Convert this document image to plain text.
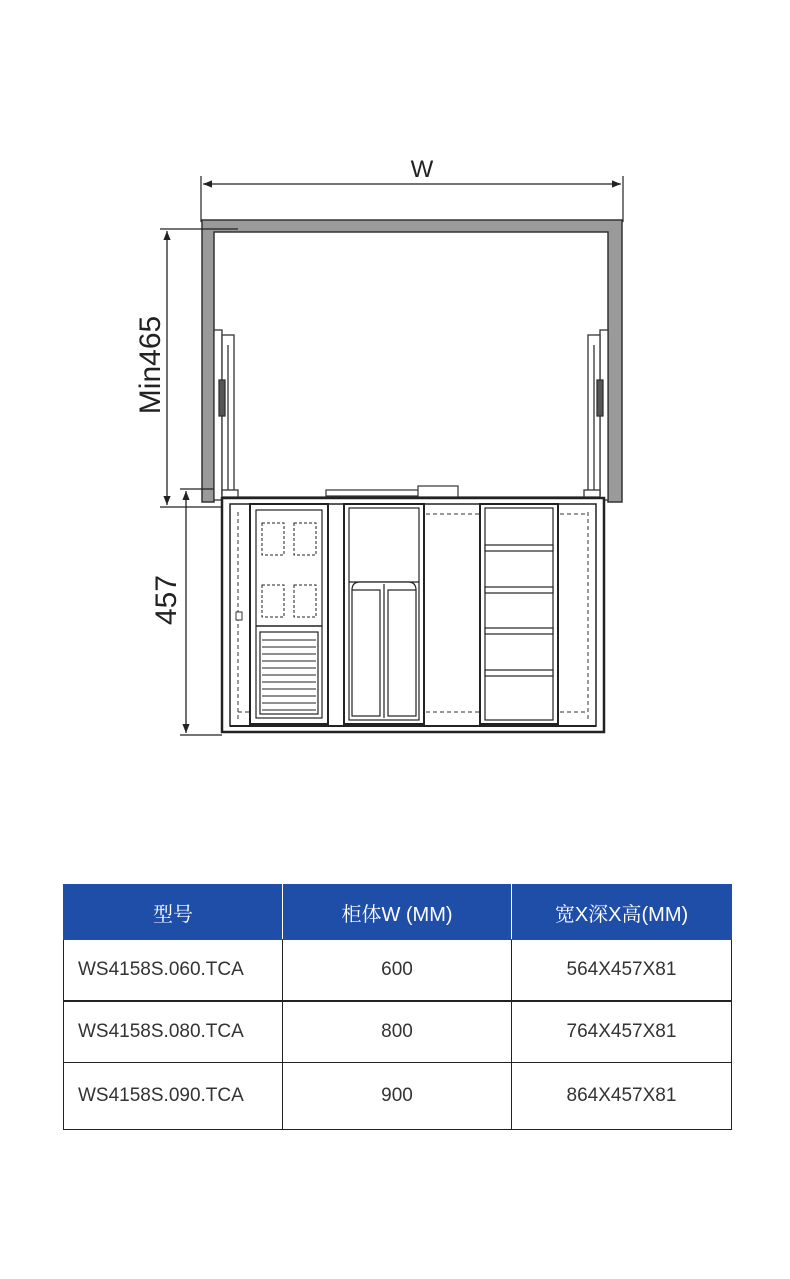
W
Min465
457
型号	柜体W (MM)	宽X深X高(MM)
WS4158S.060.TCA	600	564X457X81
WS4158S.080.TCA	800	764X457X81
WS4158S.090.TCA	900	864X457X81
